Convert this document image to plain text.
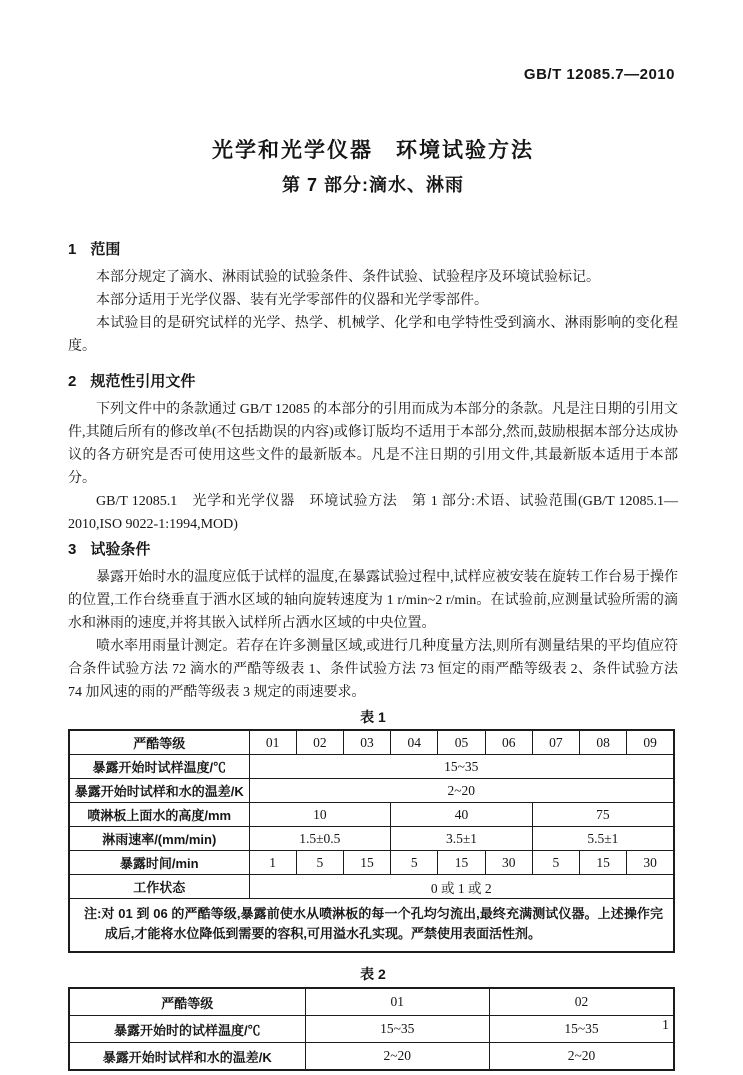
GB/T 12085.7—2010
光学和光学仪器　环境试验方法
第 7 部分:滴水、淋雨
1 范围

本部分规定了滴水、淋雨试验的试验条件、条件试验、试验程序及环境试验标记。

本部分适用于光学仪器、装有光学零部件的仪器和光学零部件。

本试验目的是研究试样的光学、热学、机械学、化学和电学特性受到滴水、淋雨影响的变化程度。

2 规范性引用文件

下列文件中的条款通过 GB/T 12085 的本部分的引用而成为本部分的条款。凡是注日期的引用文件,其随后所有的修改单(不包括勘误的内容)或修订版均不适用于本部分,然而,鼓励根据本部分达成协议的各方研究是否可使用这些文件的最新版本。凡是不注日期的引用文件,其最新版本适用于本部分。

GB/T 12085.1　光学和光学仪器　环境试验方法　第 1 部分:术语、试验范围(GB/T 12085.1—2010,ISO 9022-1:1994,MOD)

3 试验条件

暴露开始时水的温度应低于试样的温度,在暴露试验过程中,试样应被安装在旋转工作台易于操作的位置,工作台绕垂直于洒水区域的轴向旋转速度为 1 r/min~2 r/min。在试验前,应测量试验所需的滴水和淋雨的速度,并将其嵌入试样所占洒水区域的中央位置。

喷水率用雨量计测定。若存在许多测量区域,或进行几种度量方法,则所有测量结果的平均值应符合条件试验方法 72 滴水的严酷等级表 1、条件试验方法 73 恒定的雨严酷等级表 2、条件试验方法 74 加风速的雨的严酷等级表 3 规定的雨速要求。

表 1
严酷等级	01	02	03	04	05	06	07	08	09
暴露开始时试样温度/℃	15~35								
暴露开始时试样和水的温差/K	2~20								
喷淋板上面水的高度/mm	10			40			75		
淋雨速率/(mm/min)	1.5±0.5			3.5±1			5.5±1		
暴露时间/min	1	5	15	5	15	30	5	15	30
工作状态	0 或 1 或 2								

注:对 01 到 06 的严酷等级,暴露前使水从喷淋板的每一个孔均匀流出,最终充满测试仪器。上述操作完成后,才能将水位降低到需要的容积,可用溢水孔实现。严禁使用表面活性剂。									
表 2
严酷等级	01	02
暴露开始时的试样温度/℃	15~35	15~35
暴露开始时试样和水的温差/K	2~20	2~20
1
